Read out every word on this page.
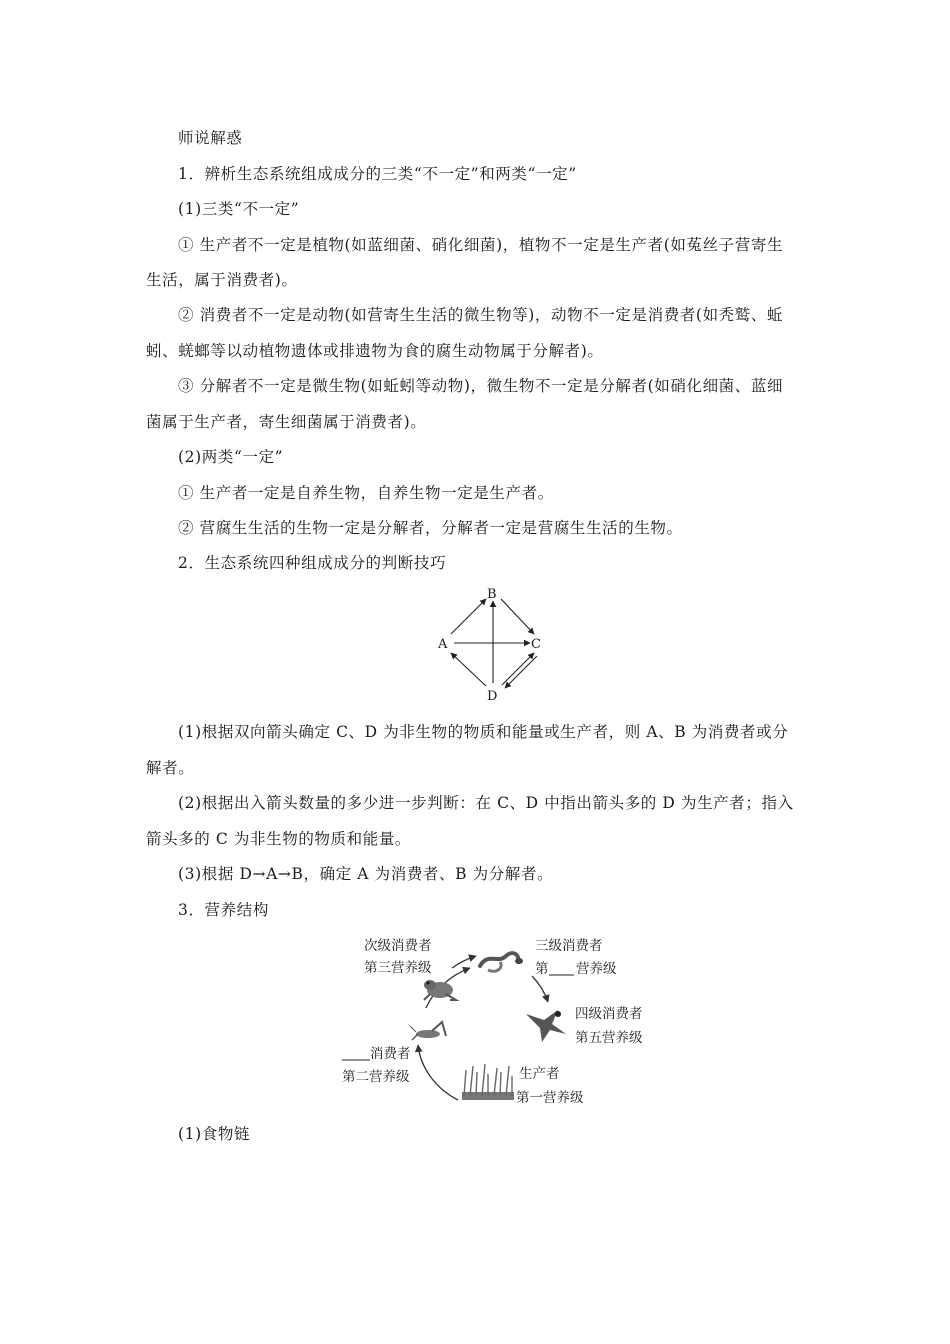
师说解惑
1．辨析生态系统组成成分的三类“不一定”和两类“一定”
(1)三类“不一定”
① 生产者不一定是植物(如蓝细菌、硝化细菌)，植物不一定是生产者(如菟丝子营寄生
生活，属于消费者)。
② 消费者不一定是动物(如营寄生生活的微生物等)，动物不一定是消费者(如秃鹫、蚯
蚓、蜣螂等以动植物遗体或排遗物为食的腐生动物属于分解者)。
③ 分解者不一定是微生物(如蚯蚓等动物)，微生物不一定是分解者(如硝化细菌、蓝细
菌属于生产者，寄生细菌属于消费者)。
(2)两类“一定”
① 生产者一定是自养生物，自养生物一定是生产者。
② 营腐生生活的生物一定是分解者，分解者一定是营腐生生活的生物。
2．生态系统四种组成成分的判断技巧
B
A	C
D
(1)根据双向箭头确定 C、D 为非生物的物质和能量或生产者，则 A、B 为消费者或分
解者。
(2)根据出入箭头数量的多少进一步判断：在 C、D 中指出箭头多的 D 为生产者；指入
箭头多的 C 为非生物的物质和能量。
(3)根据 D→A→B，确定 A 为消费者、B 为分解者。
3．营养结构
次级消费者
第三营养级
三级消费者
第 营养级
四级消费者
第五营养级
消费者
第二营养级	生产者
第一营养级
(1)食物链
